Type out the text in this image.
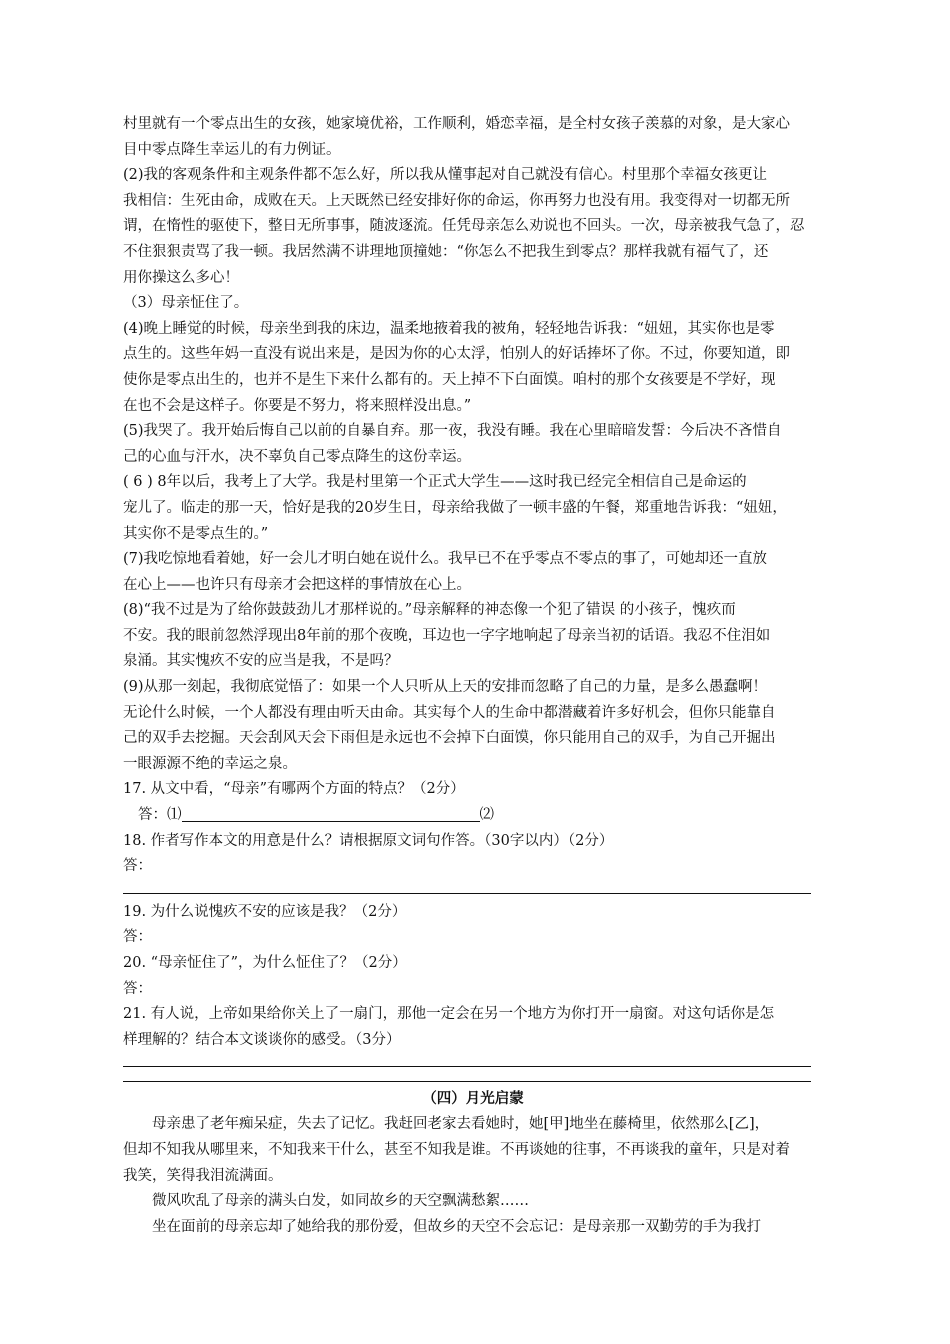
村里就有一个零点出生的女孩，她家境优裕，工作顺利，婚恋幸福，是全村女孩子羡慕的对象，是大家心
目中零点降生幸运儿的有力例证。
(2)我的客观条件和主观条件都不怎么好，所以我从懂事起对自己就没有信心。村里那个幸福女孩更让
我相信：生死由命，成败在天。上天既然已经安排好你的命运，你再努力也没有用。我变得对一切都无所
谓，在惰性的驱使下，整日无所事事，随波逐流。任凭母亲怎么劝说也不回头。一次，母亲被我气急了，忍
不住狠狠责骂了我一顿。我居然满不讲理地顶撞她：“你怎么不把我生到零点？那样我就有福气了，还
用你操这么多心！
（3）母亲怔住了。
(4)晚上睡觉的时候，母亲坐到我的床边，温柔地掖着我的被角，轻轻地告诉我：“妞妞，其实你也是零
点生的。这些年妈一直没有说出来是，是因为你的心太浮，怕别人的好话捧坏了你。不过，你要知道，即
使你是零点出生的，也并不是生下来什么都有的。天上掉不下白面馍。咱村的那个女孩要是不学好，现
在也不会是这样子。你要是不努力，将来照样没出息。”
(5)我哭了。我开始后悔自己以前的自暴自弃。那一夜，我没有睡。我在心里暗暗发誓：今后决不吝惜自
己的心血与汗水，决不辜负自己零点降生的这份幸运。
( 6 ) 8年以后，我考上了大学。我是村里第一个正式大学生——这时我已经完全相信自己是命运的
宠儿了。临走的那一天，恰好是我的20岁生日，母亲给我做了一顿丰盛的午餐，郑重地告诉我：“妞妞，
其实你不是零点生的。”
(7)我吃惊地看着她，好一会儿才明白她在说什么。我早已不在乎零点不零点的事了，可她却还一直放
在心上——也许只有母亲才会把这样的事情放在心上。
(8)“我不过是为了给你鼓鼓劲儿才那样说的。”母亲解释的神态像一个犯了错误 的小孩子，愧疚而
不安。我的眼前忽然浮现出8年前的那个夜晚，耳边也一字字地响起了母亲当初的话语。我忍不住泪如
泉涌。其实愧疚不安的应当是我，不是吗？
(9)从那一刻起，我彻底觉悟了：如果一个人只听从上天的安排而忽略了自己的力量，是多么愚蠢啊！
无论什么时候，一个人都没有理由听天由命。其实每个人的生命中都潜藏着许多好机会，但你只能靠自
己的双手去挖掘。天会刮风天会下雨但是永远也不会掉下白面馍，你只能用自己的双手，为自己开掘出
一眼源源不绝的幸运之泉。
17. 从文中看，“母亲”有哪两个方面的特点？（2分）
答：⑴	⑵
18. 作者写作本文的用意是什么？请根据原文词句作答。（30字以内）（2分）
答：
19. 为什么说愧疚不安的应该是我？（2分）
答：
20. “母亲怔住了”，为什么怔住了？（2分）
答：
21. 有人说，上帝如果给你关上了一扇门，那他一定会在另一个地方为你打开一扇窗。对这句话你是怎
样理解的？结合本文谈谈你的感受。（3分）
（四）月光启蒙
母亲患了老年痴呆症，失去了记忆。我赶回老家去看她时，她[甲]地坐在藤椅里，依然那么[乙]，
但却不知我从哪里来，不知我来干什么，甚至不知我是谁。不再谈她的往事，不再谈我的童年，只是对着
我笑，笑得我泪流满面。
微风吹乱了母亲的满头白发，如同故乡的天空飘满愁絮……
坐在面前的母亲忘却了她给我的那份爱，但故乡的天空不会忘记：是母亲那一双勤劳的手为我打
